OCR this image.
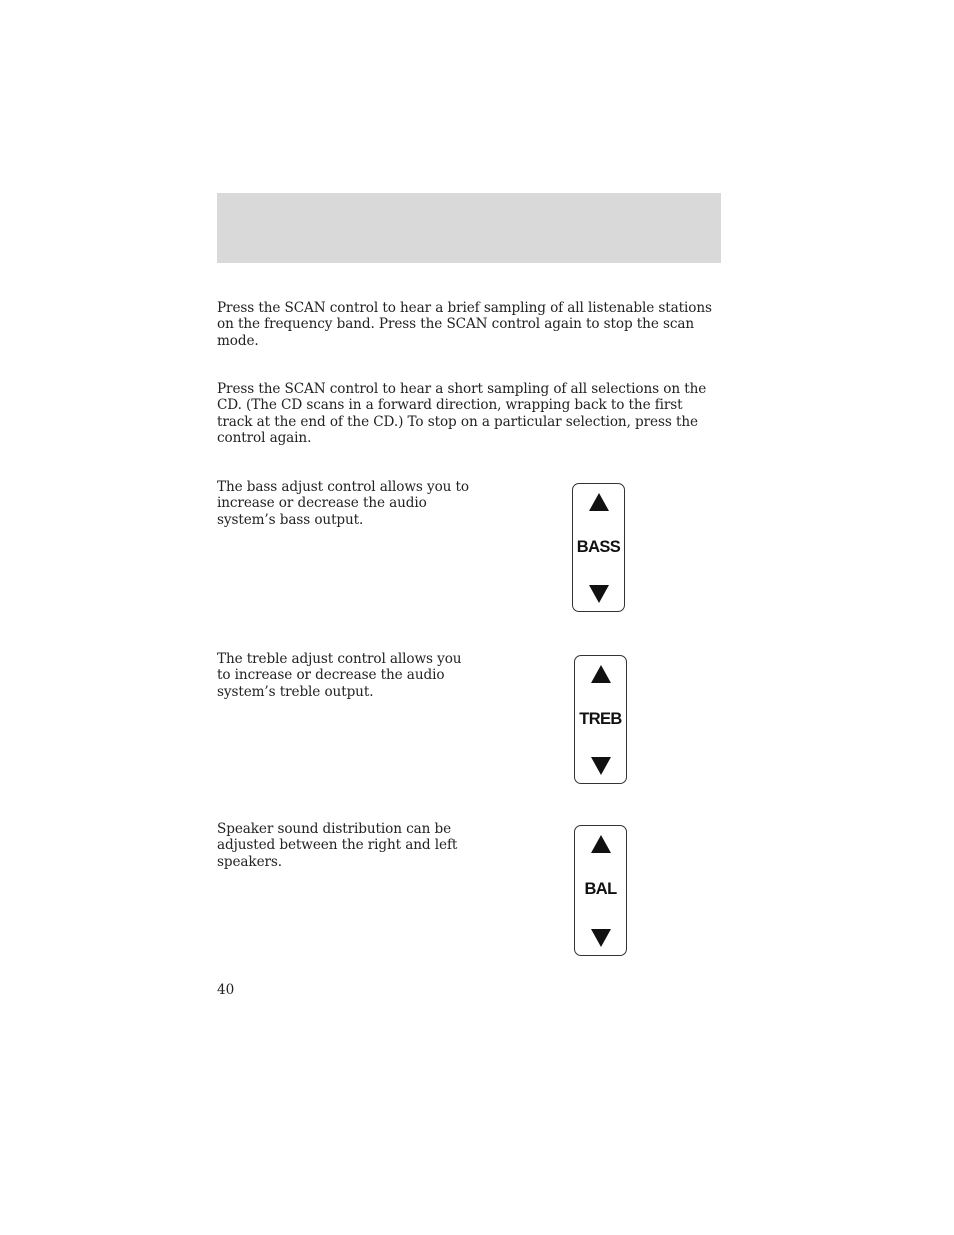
Press the SCAN control to hear a brief sampling of all listenable stations on the frequency band. Press the SCAN control again to stop the scan mode.

Press the SCAN control to hear a short sampling of all selections on the CD. (The CD scans in a forward direction, wrapping back to the first track at the end of the CD.) To stop on a particular selection, press the control again.

The bass adjust control allows you to increase or decrease the audio system’s bass output.

BASS

The treble adjust control allows you to increase or decrease the audio system’s treble output.

TREB

Speaker sound distribution can be adjusted between the right and left speakers.

BAL
40
